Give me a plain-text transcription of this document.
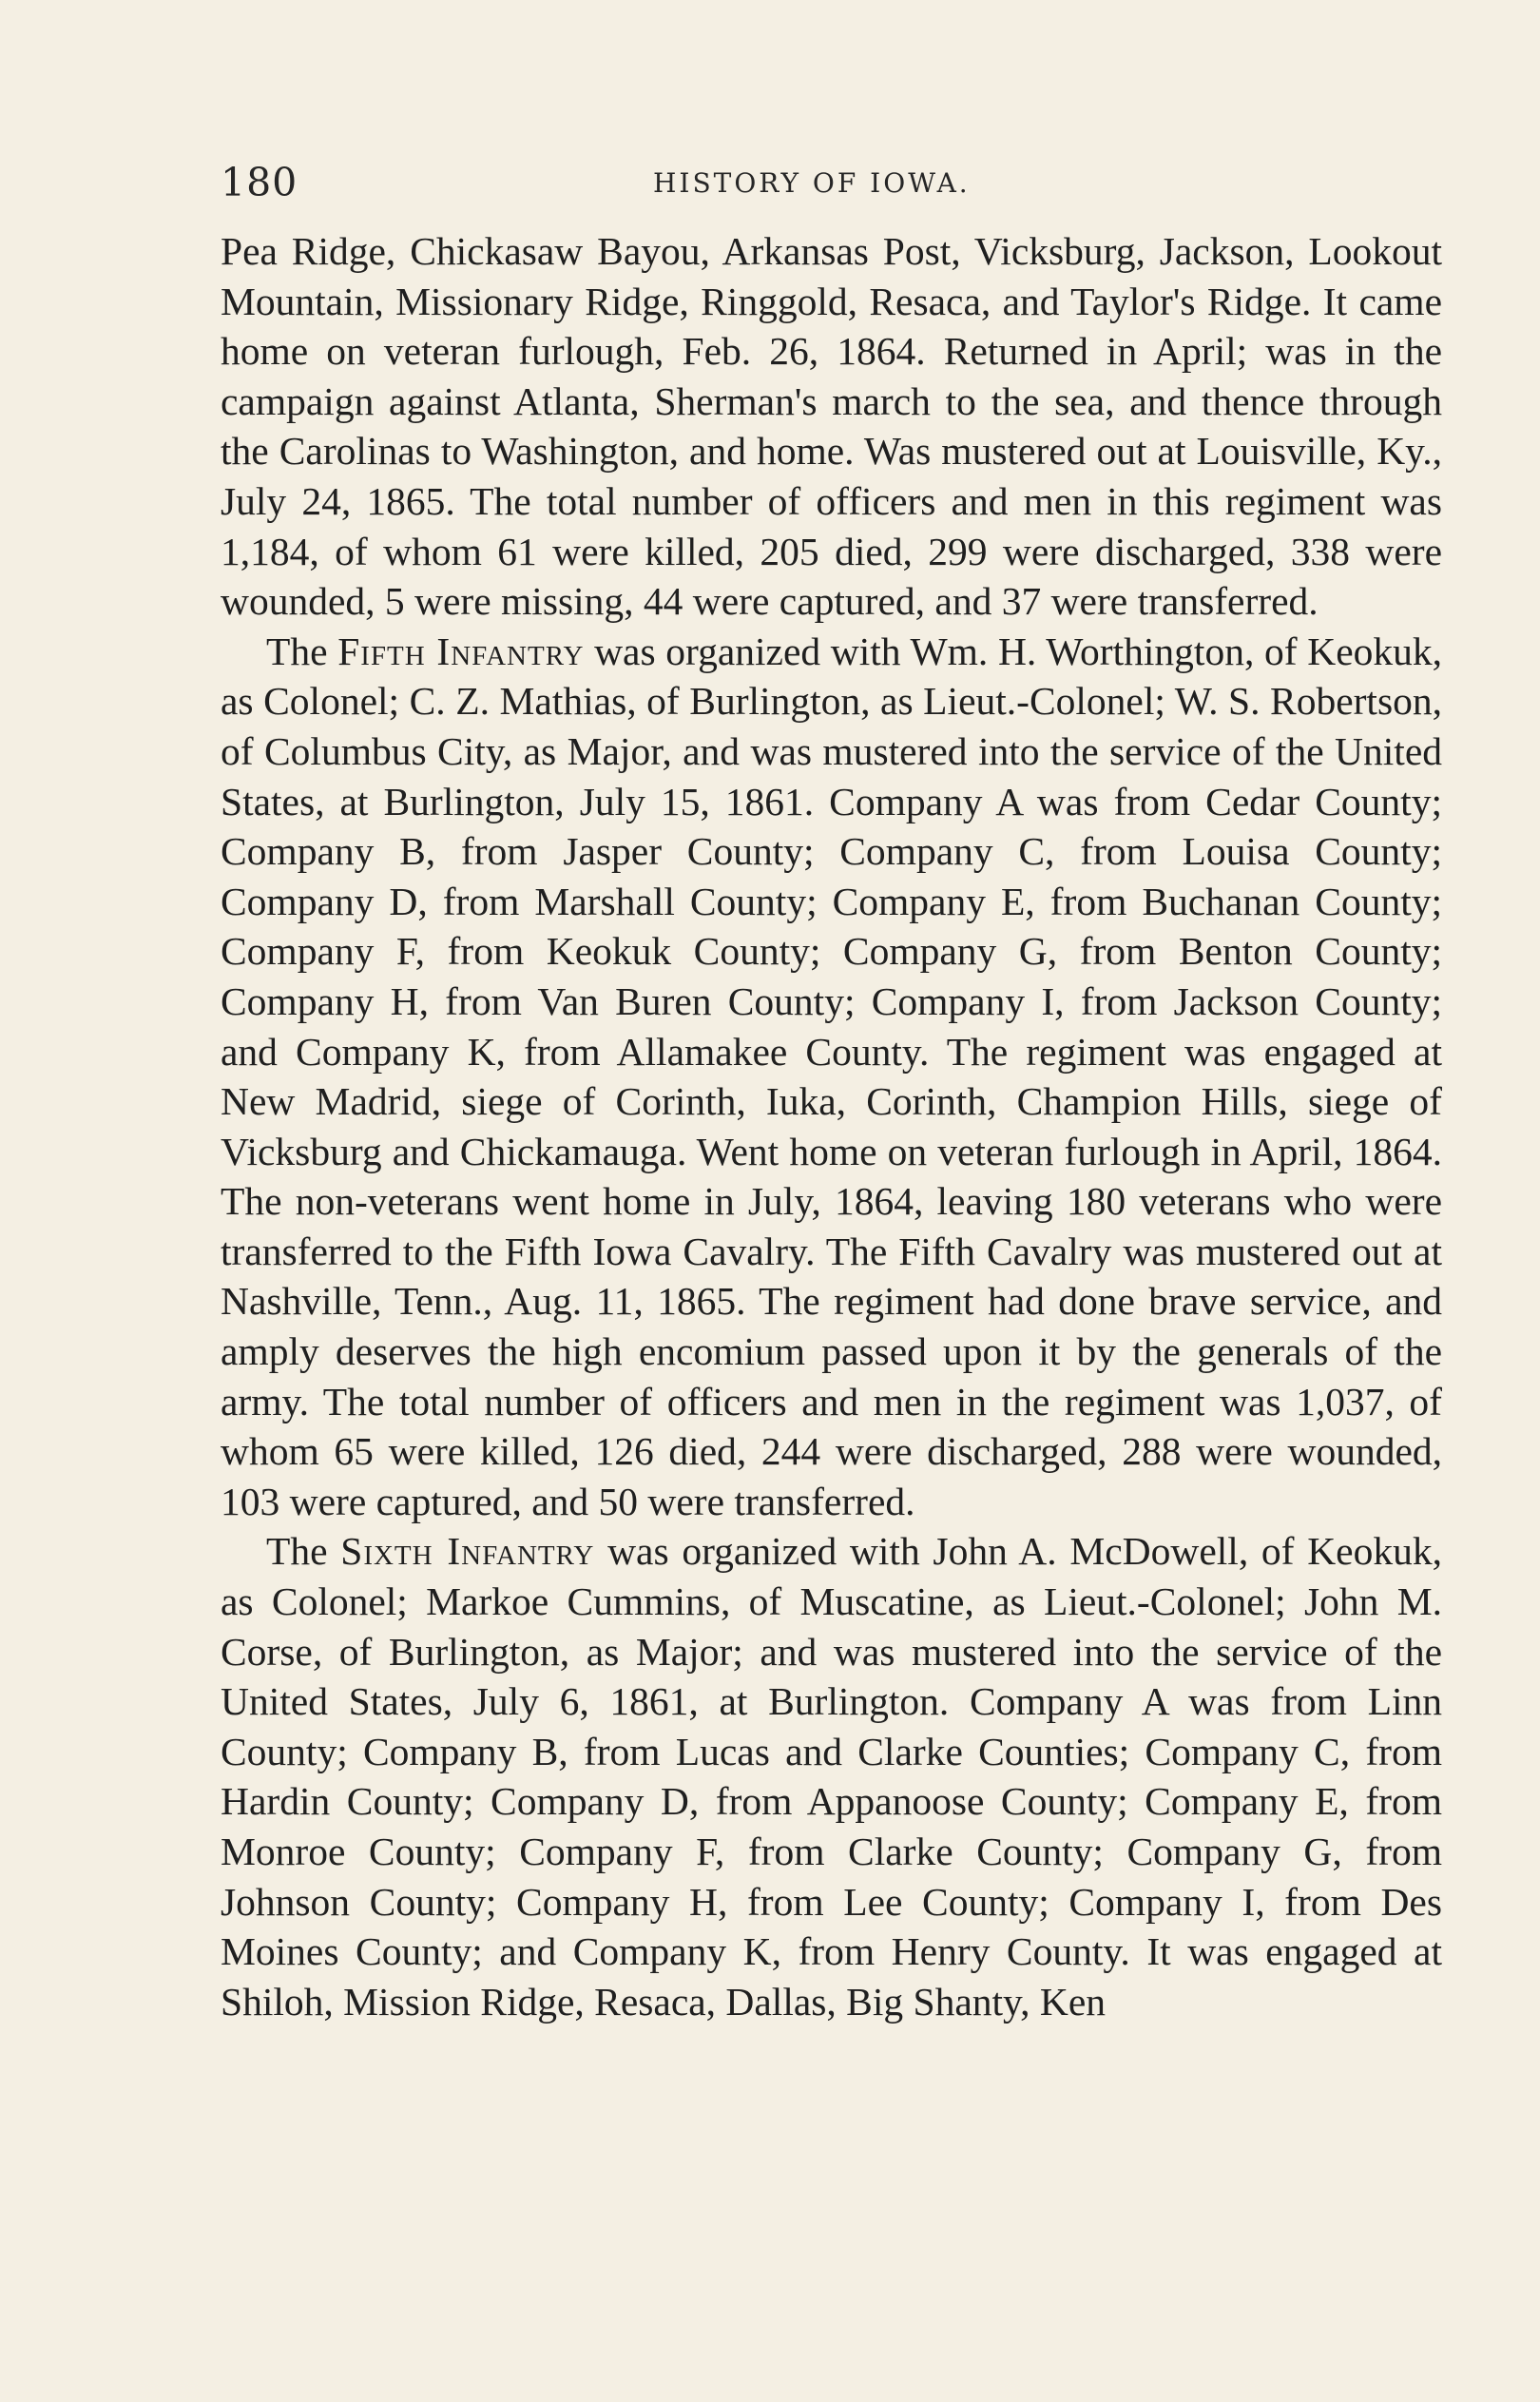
180	HISTORY OF IOWA.

Pea Ridge, Chickasaw Bayou, Arkansas Post, Vicksburg, Jackson, Lookout Mountain, Missionary Ridge, Ringgold, Resaca, and Taylor's Ridge. It came home on veteran furlough, Feb. 26, 1864. Returned in April; was in the campaign against Atlanta, Sherman's march to the sea, and thence through the Carolinas to Washington, and home. Was mustered out at Louisville, Ky., July 24, 1865. The total number of officers and men in this regiment was 1,184, of whom 61 were killed, 205 died, 299 were discharged, 338 were wounded, 5 were missing, 44 were captured, and 37 were transferred.

The Fifth Infantry was organized with Wm. H. Worthington, of Keokuk, as Colonel; C. Z. Mathias, of Burlington, as Lieut.-Colonel; W. S. Robertson, of Columbus City, as Major, and was mustered into the service of the United States, at Burlington, July 15, 1861. Company A was from Cedar County; Company B, from Jasper County; Company C, from Louisa County; Company D, from Marshall County; Company E, from Buchanan County; Company F, from Keokuk County; Company G, from Benton County; Company H, from Van Buren County; Company I, from Jackson County; and Company K, from Allamakee County. The regiment was engaged at New Madrid, siege of Corinth, Iuka, Corinth, Champion Hills, siege of Vicksburg and Chickamauga. Went home on veteran furlough in April, 1864. The non-veterans went home in July, 1864, leaving 180 veterans who were transferred to the Fifth Iowa Cavalry. The Fifth Cavalry was mustered out at Nashville, Tenn., Aug. 11, 1865. The regiment had done brave service, and amply deserves the high encomium passed upon it by the generals of the army. The total number of officers and men in the regiment was 1,037, of whom 65 were killed, 126 died, 244 were discharged, 288 were wounded, 103 were captured, and 50 were transferred.

The Sixth Infantry was organized with John A. McDowell, of Keokuk, as Colonel; Markoe Cummins, of Muscatine, as Lieut.-Colonel; John M. Corse, of Burlington, as Major; and was mustered into the service of the United States, July 6, 1861, at Burlington. Company A was from Linn County; Company B, from Lucas and Clarke Counties; Company C, from Hardin County; Company D, from Appanoose County; Company E, from Monroe County; Company F, from Clarke County; Company G, from Johnson County; Company H, from Lee County; Company I, from Des Moines County; and Company K, from Henry County. It was engaged at Shiloh, Mission Ridge, Resaca, Dallas, Big Shanty, Ken
